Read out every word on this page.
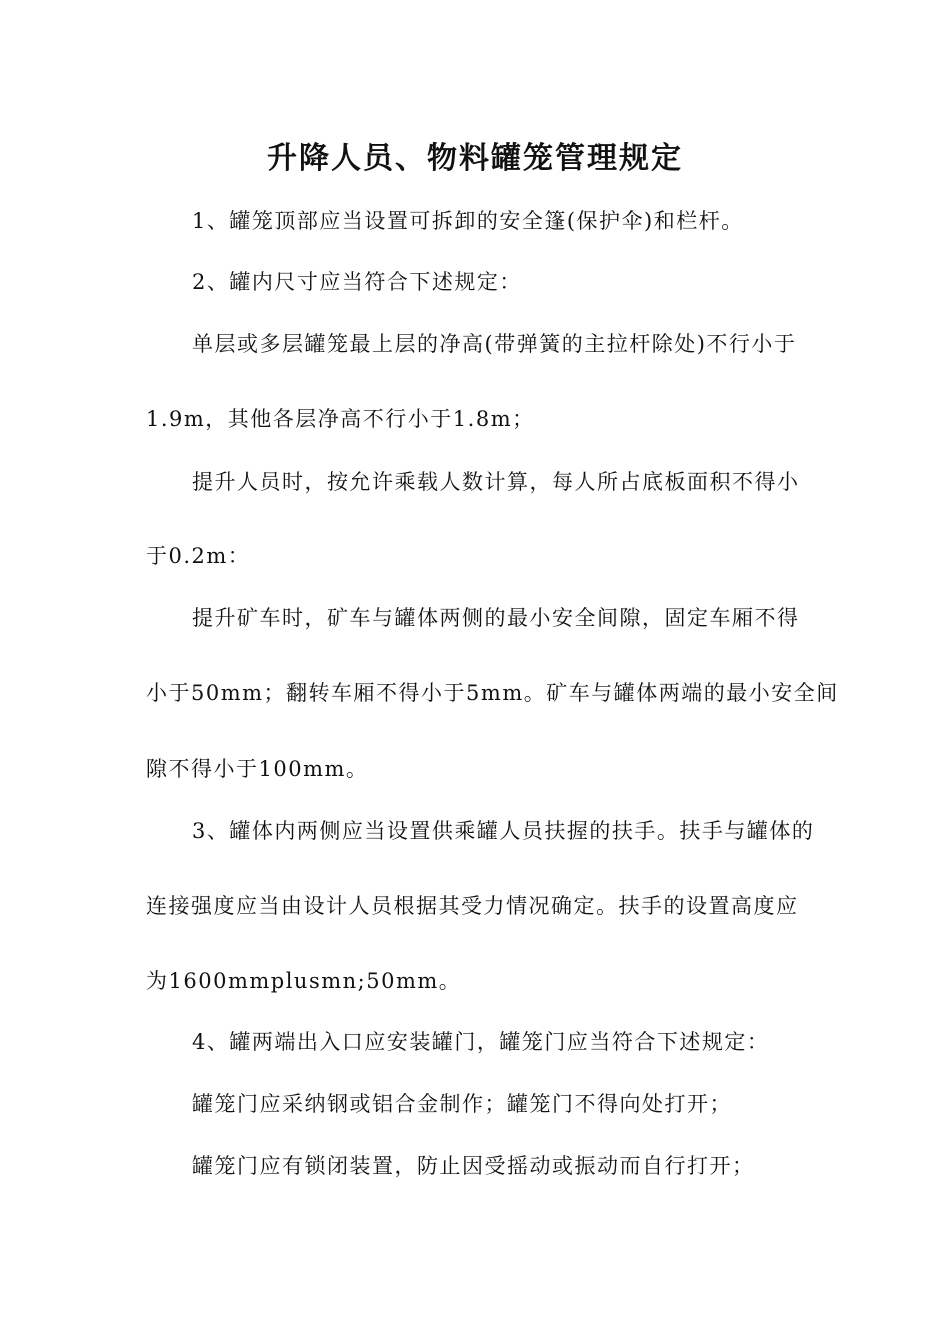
升降人员、物料罐笼管理规定
1、罐笼顶部应当设置可拆卸的安全篷(保护伞)和栏杆。
2、罐内尺寸应当符合下述规定：
单层或多层罐笼最上层的净高(带弹簧的主拉杆除处)不行小于
1.9m，其他各层净高不行小于1.8m；
提升人员时，按允许乘载人数计算，每人所占底板面积不得小
于0.2m：
提升矿车时，矿车与罐体两侧的最小安全间隙，固定车厢不得
小于50mm；翻转车厢不得小于5mm。矿车与罐体两端的最小安全间
隙不得小于100mm。
3、罐体内两侧应当设置供乘罐人员扶握的扶手。扶手与罐体的
连接强度应当由设计人员根据其受力情况确定。扶手的设置高度应
为1600mmplusmn;50mm。
4、罐两端出入口应安装罐门，罐笼门应当符合下述规定：
罐笼门应采纳钢或铝合金制作；罐笼门不得向处打开；
罐笼门应有锁闭装置，防止因受摇动或振动而自行打开；
